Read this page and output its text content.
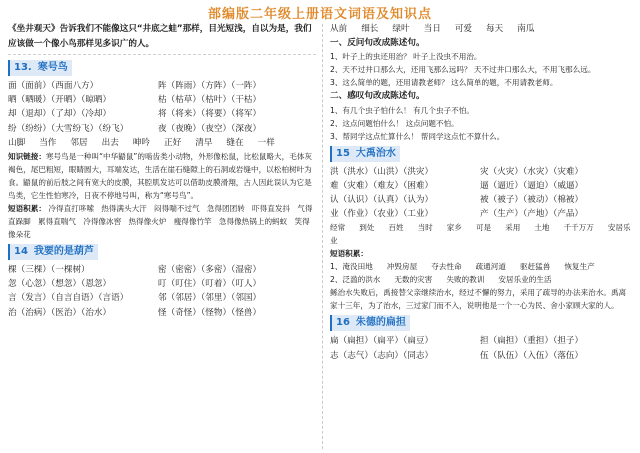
部编版二年级上册语文词语及知识点
《坐井观天》告诉我们不能像这只“井底之蛙”那样，目光短浅，自以为是，我们应该做一个像小鸟那样见多识广的人。
13. 寒号鸟
面（面前）（西面八方）	阵（阵雨）（方阵）（一阵）
晒（晒暖）（开晒）（晾晒）	枯（枯草）（枯叶）（干枯）
却（退却）（了却）（冷却）	将（将来）（将要）（将军）
纷（纷纷）（大雪纷飞）（纷飞）	夜（夜晚）（夜空）（深夜）
山脚 当作 邻居 出去 呻吟 正好 清早 缝在 一样
知识链接：寒号鸟是一种叫“中华鼯鼠”的啮齿类小动物，外形像松鼠，比松鼠略大，毛体灰褐色，尾巴粗短，眼睛圆大，耳端发达，生活在崖石缝隙上的石洞或岩缝中，以松柏树叶为食。鼯鼠的前后肢之间有宽大的皮膜，其腔肌发达可以借助皮膜滑翔，古人因此误认为它是鸟类，它生性怕寒冷，日夜不停地号叫，称为“寒号鸟”。
短语积累： 冷得直打哆嗦 热得满头大汗 闷得喘不过气 急得团团转 吓得直发抖 气得直跺脚 累得直喘气 冷得像冰窖 热得像火炉 瘦得像竹竿 急得像热锅上的蚂蚁 笑得像朵花
14 我要的是葫芦
棵（三棵）（一棵树）	密（密密）（多密）（湿密）
忽（心忽）（想忽）（恩忽）	叮（叮住）（叮着）（叮人）
言（发言）（自言自语）（言语）	邻（邻居）（邻里）（邻国）
治（治病）（医治）（治水）	怪（奇怪）（怪物）（怪兽）
从前 细长 绿叶 当日 可爱 每天 南瓜
一、反问句改成陈述句。
1、叶子上的虫还用治？ 叶子上没虫不用治。
2、天不过井口那么大，还用飞那么远吗？ 天不过井口那么大，不用飞那么远。
3、这么简单的题，还用请教老师？ 这么简单的题，不用请教老师。
二、感叹句改成陈述句。
1、有几个虫子怕什么！ 有几个虫子不怕。
2、这点问题怕什么！ 这点问题不怕。
3、帮同学这点忙算什么！ 帮同学这点忙不算什么。
15 大禹治水
洪（洪水）（山洪）（洪灾）	灾（火灾）（水灾）（灾难）
难（灾难）（难友）（困难）	逼（逼近）（逼迫）（威逼）
认（认识）（认真）（认为）	被（被子）（被动）（棉被）
业（作业）（农业）（工业）	产（生产）（产地）（产品）
经常 到处 百姓 当时 家乡 可是 采用 土地 千千万万 安居乐业
短语积累：
1、淹没田地 冲毁房屋 夺去性命 疏通河道 驱赶猛兽 恢复生产
2、泛滥的洪水 无数的灾害 失败的教训 安居乐业的生活
鲧治水失败后，禹接替父亲继续治水，经过不懈的努力，采用了疏导的办法来治水。禹离家十三年，为了治水，三过家门而不入，说明他是一个一心为民、舍小家顾大家的人。
16 朱德的扁担
扁（扁担）（扁平）（扁豆）	担（扁担）（重担）（担子）
志（志气）（志向）（同志）	伍（队伍）（入伍）（落伍）
